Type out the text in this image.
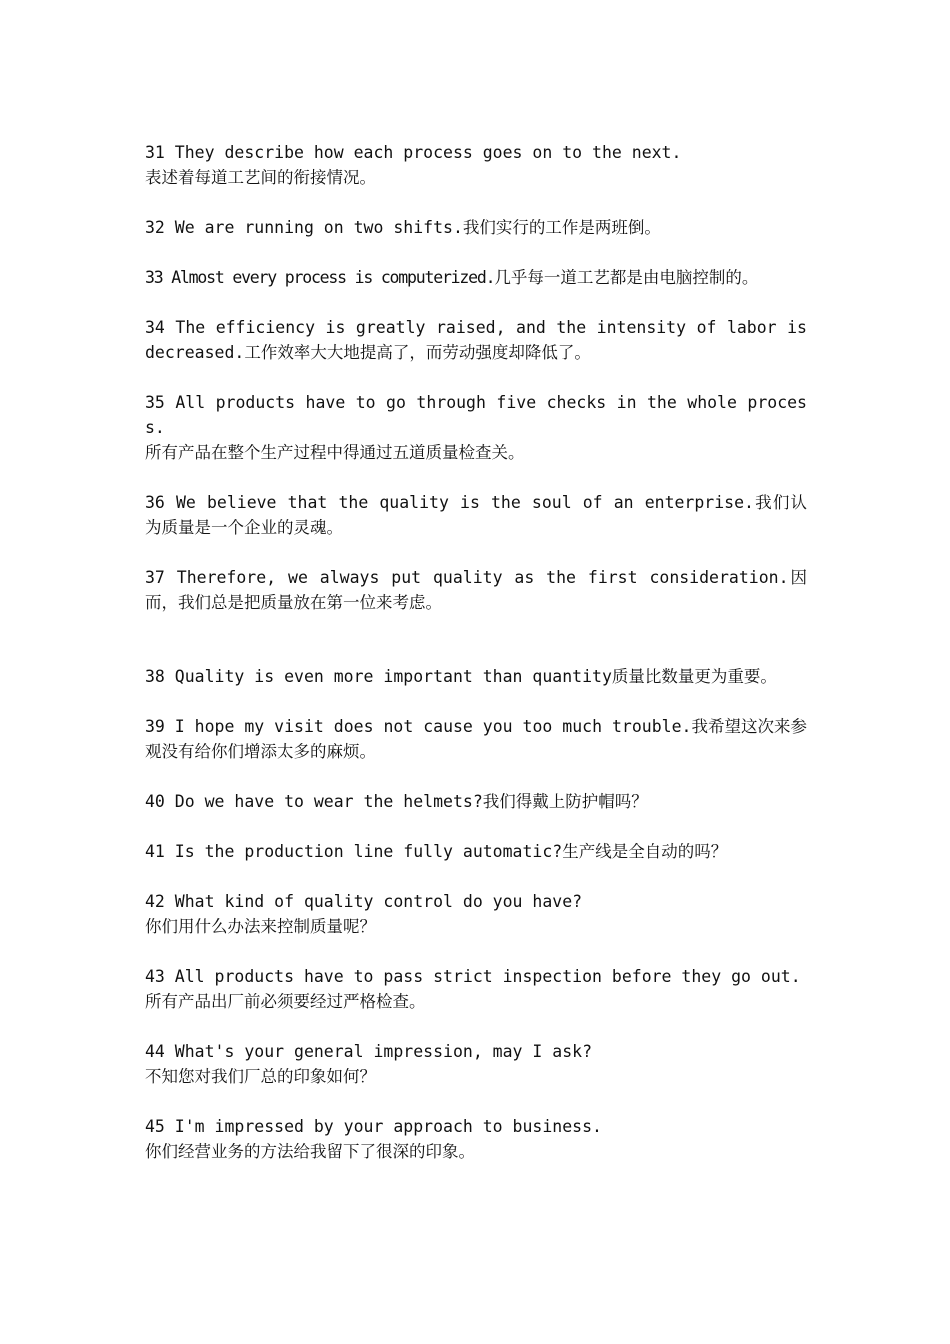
31 They describe how each process goes on to the next.
表述着每道工艺间的衔接情况。

32 We are running on two shifts.我们实行的工作是两班倒。

33 Almost every process is computerized.几乎每一道工艺都是由电脑控制的。

34 The efficiency is greatly raised, and the intensity of labor is decreased.工作效率大大地提高了，而劳动强度却降低了。

35 All products have to go through five checks in the whole process.
所有产品在整个生产过程中得通过五道质量检查关。

36 We believe that the quality is the soul of an enterprise.我们认为质量是一个企业的灵魂。

37 Therefore, we always put quality as the first consideration.因而，我们总是把质量放在第一位来考虑。

38 Quality is even more important than quantity质量比数量更为重要。

39 I hope my visit does not cause you too much trouble.我希望这次来参观没有给你们增添太多的麻烦。

40 Do we have to wear the helmets?我们得戴上防护帽吗？

41 Is the production line fully automatic?生产线是全自动的吗？

42 What kind of quality control do you have?
你们用什么办法来控制质量呢？

43 All products have to pass strict inspection before they go out.
所有产品出厂前必须要经过严格检查。

44 What's your general impression, may I ask?
不知您对我们厂总的印象如何？

45 I'm impressed by your approach to business.
你们经营业务的方法给我留下了很深的印象。
